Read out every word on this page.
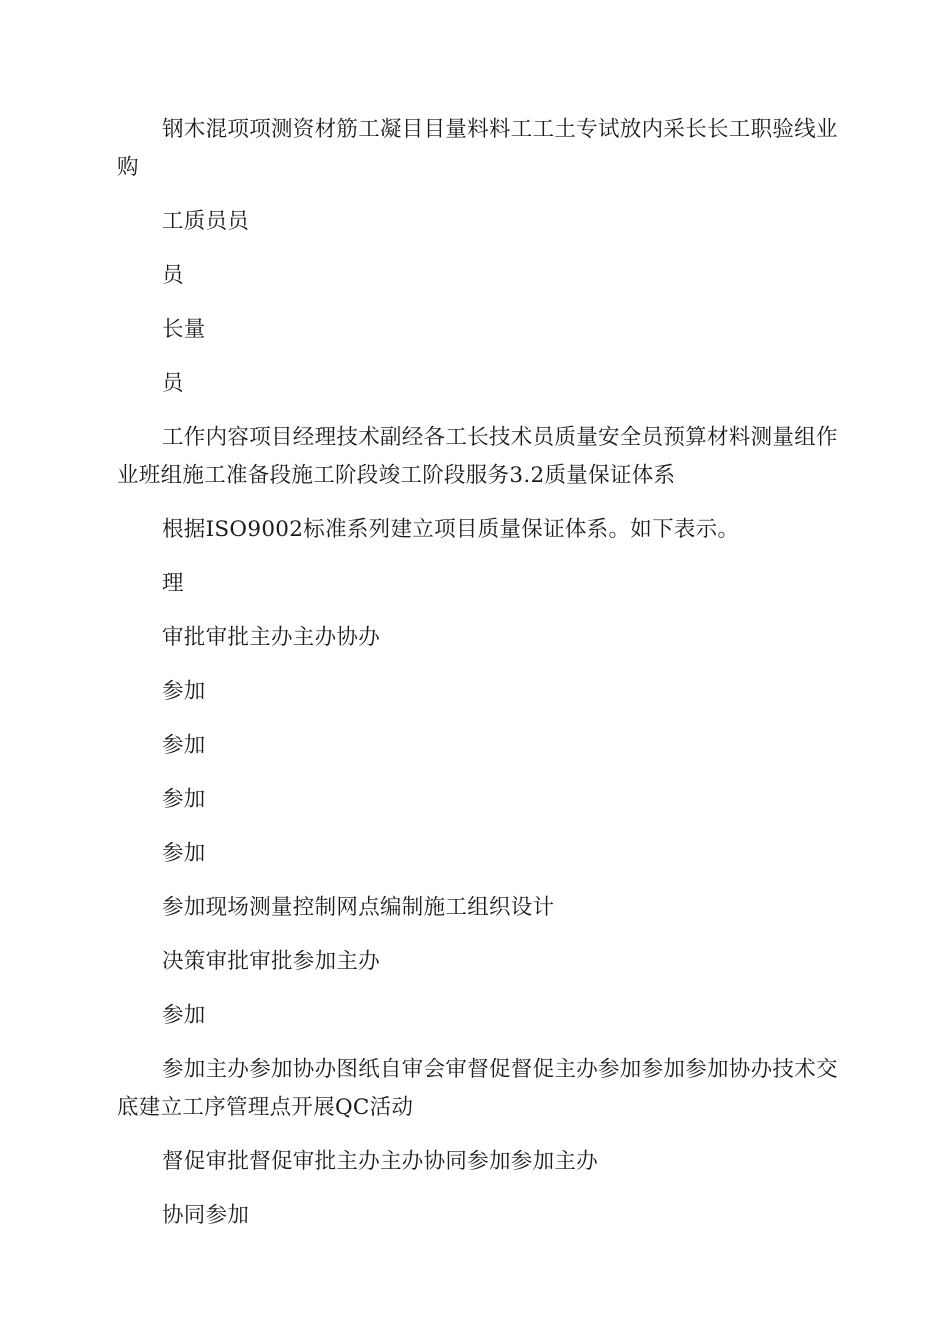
钢木混项项测资材筋工凝目目量料料工工土专试放内采长长工职验线业购

工质员员

员

长量

员

工作内容项目经理技术副经各工长技术员质量安全员预算材料测量组作业班组施工准备段施工阶段竣工阶段服务3.2质量保证体系

根据ISO9002标准系列建立项目质量保证体系。如下表示。

理

审批审批主办主办协办

参加

参加

参加

参加

参加现场测量控制网点编制施工组织设计

决策审批审批参加主办

参加

参加主办参加协办图纸自审会审督促督促主办参加参加参加协办技术交底建立工序管理点开展QC活动

督促审批督促审批主办主办协同参加参加主办

协同参加
